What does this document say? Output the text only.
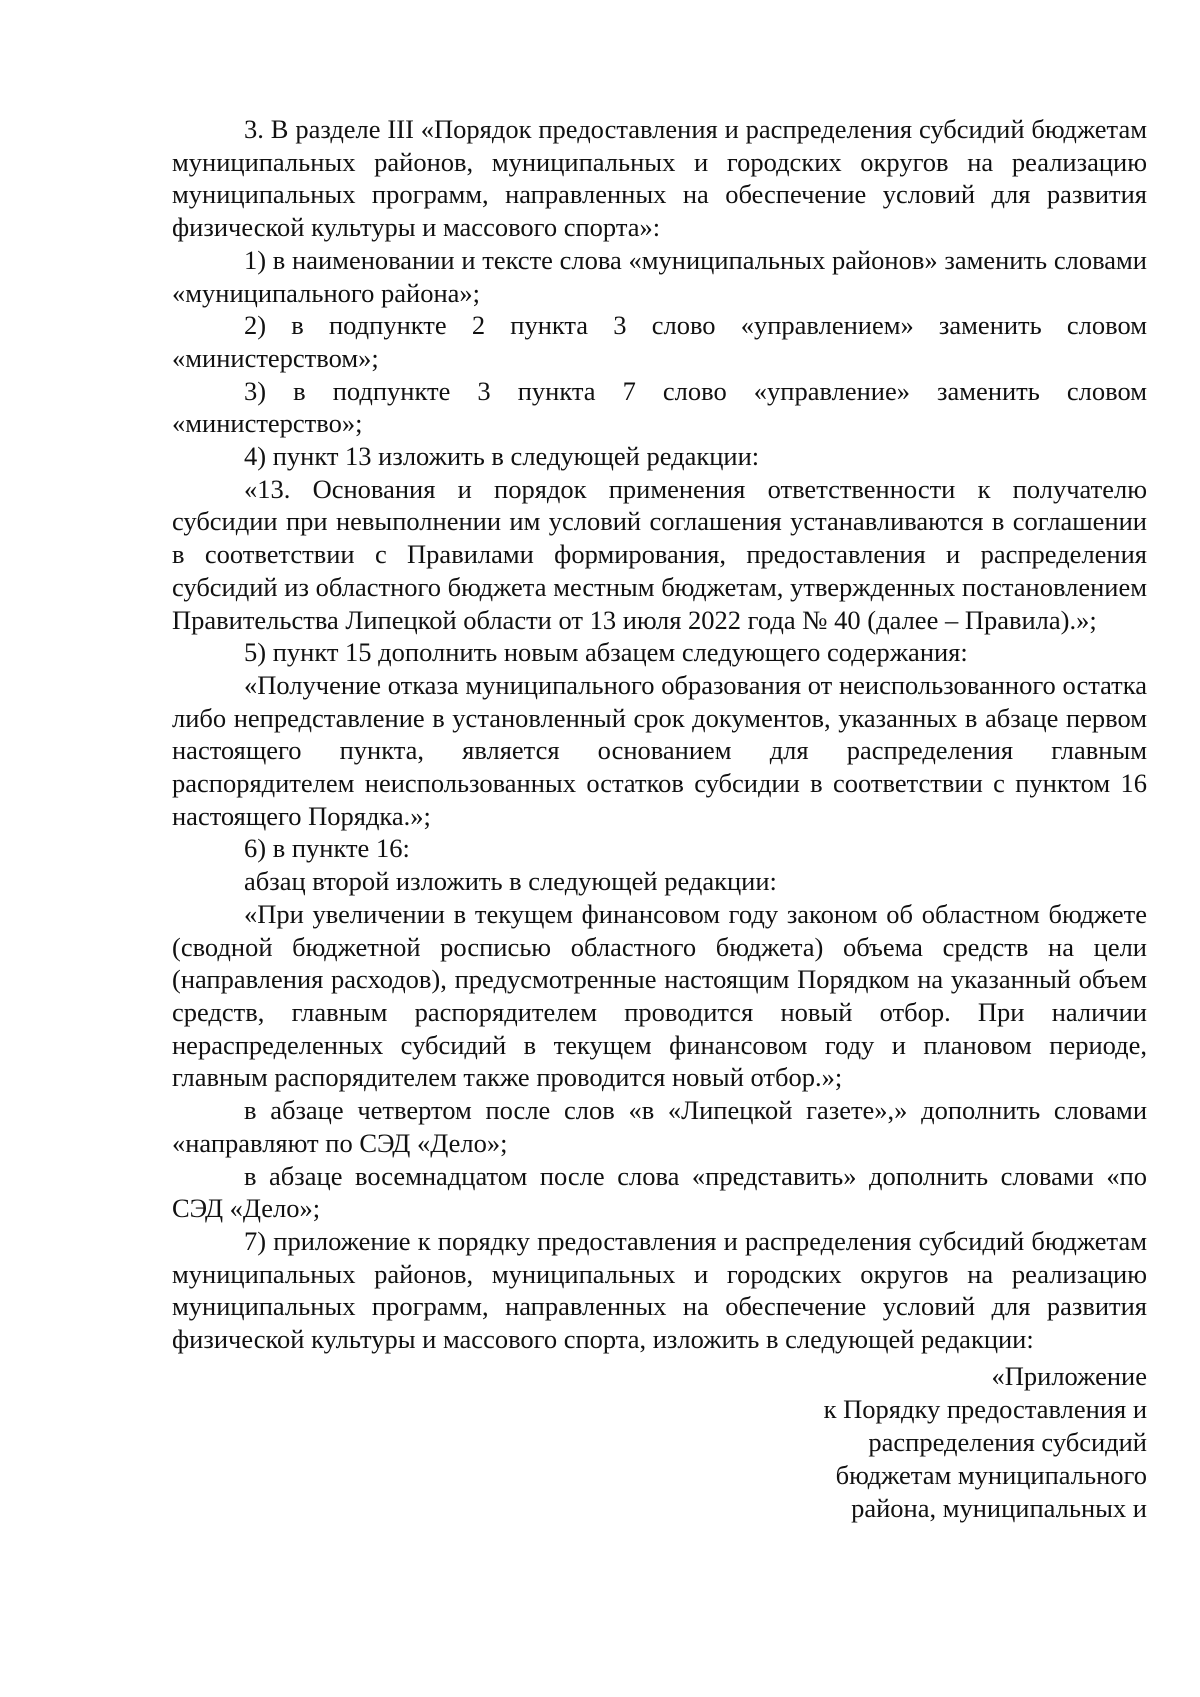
3. В разделе III «Порядок предоставления и распределения субсидий бюджетам муниципальных районов, муниципальных и городских округов на реализацию муниципальных программ, направленных на обеспечение условий для развития физической культуры и массового спорта»:

1) в наименовании и тексте слова «муниципальных районов» заменить словами «муниципального района»;

2) в подпункте 2 пункта 3 слово «управлением» заменить словом «министерством»;

3) в подпункте 3 пункта 7 слово «управление» заменить словом «министерство»;

4) пункт 13 изложить в следующей редакции:

«13. Основания и порядок применения ответственности к получателю субсидии при невыполнении им условий соглашения устанавливаются в соглашении в соответствии с Правилами формирования, предоставления и распределения субсидий из областного бюджета местным бюджетам, утвержденных постановлением Правительства Липецкой области от 13 июля 2022 года № 40 (далее – Правила).»;

5) пункт 15 дополнить новым абзацем следующего содержания:

«Получение отказа муниципального образования от неиспользованного остатка либо непредставление в установленный срок документов, указанных в абзаце первом настоящего пункта, является основанием для распределения главным распорядителем неиспользованных остатков субсидии в соответствии с пунктом 16 настоящего Порядка.»;

6) в пункте 16:

абзац второй изложить в следующей редакции:

«При увеличении в текущем финансовом году законом об областном бюджете (сводной бюджетной росписью областного бюджета) объема средств на цели (направления расходов), предусмотренные настоящим Порядком на указанный объем средств, главным распорядителем проводится новый отбор. При наличии нераспределенных субсидий в текущем финансовом году и плановом периоде, главным распорядителем также проводится новый отбор.»;

в абзаце четвертом после слов «в «Липецкой газете»,» дополнить словами «направляют по СЭД «Дело»;

в абзаце восемнадцатом после слова «представить» дополнить словами «по СЭД «Дело»;

7) приложение к порядку предоставления и распределения субсидий бюджетам муниципальных районов, муниципальных и городских округов на реализацию муниципальных программ, направленных на обеспечение условий для развития физической культуры и массового спорта, изложить в следующей редакции:

«Приложение
к Порядку предоставления и
распределения субсидий
бюджетам муниципального
района, муниципальных и
